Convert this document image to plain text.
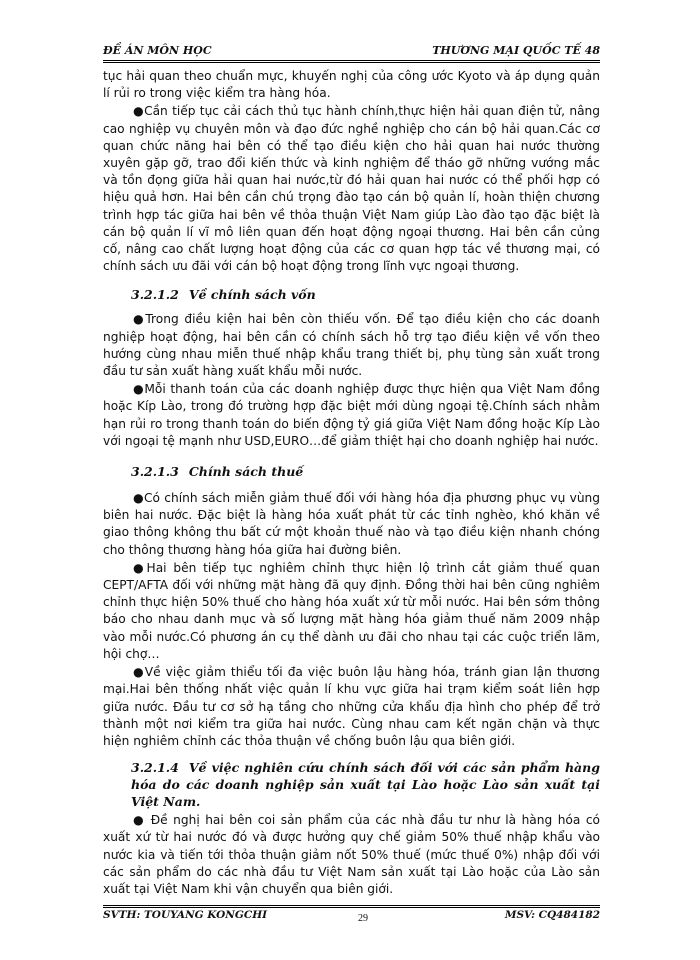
ĐỀ ÁN MÔN HỌC	THƯƠNG MẠI QUỐC TẾ 48

tục hải quan theo chuẩn mực, khuyến nghị của công ước Kyoto và áp dụng quản lí rủi ro trong việc kiểm tra hàng hóa.

●Cần tiếp tục cải cách thủ tục hành chính,thực hiện hải quan điện tử, nâng cao nghiệp vụ chuyên môn và đạo đức nghề nghiệp cho cán bộ hải quan.Các cơ quan chức năng hai bên có thể tạo điều kiện cho hải quan hai nước thường xuyên gặp gỡ, trao đổi kiến thức và kinh nghiệm để tháo gỡ những vướng mắc và tồn đọng giữa hải quan hai nước,từ đó hải quan hai nước có thể phối hợp có hiệu quả hơn. Hai bên cần chú trọng đào tạo cán bộ quản lí, hoàn thiện chương trình hợp tác giữa hai bên về thỏa thuận Việt Nam giúp Lào đào tạo đặc biệt là cán bộ quản lí vĩ mô liên quan đến hoạt động ngoại thương. Hai bên cần củng cố, nâng cao chất lượng hoạt động của các cơ quan hợp tác về thương mại, có chính sách ưu đãi với cán bộ hoạt động trong lĩnh vực ngoại thương.

3.2.1.2 Về chính sách vốn

●Trong điều kiện hai bên còn thiếu vốn. Để tạo điều kiện cho các doanh nghiệp hoạt động, hai bên cần có chính sách hỗ trợ tạo điều kiện về vốn theo hướng cùng nhau miễn thuế nhập khẩu trang thiết bị, phụ tùng sản xuất trong đầu tư sản xuất hàng xuất khẩu mỗi nước.

●Mỗi thanh toán của các doanh nghiệp được thực hiện qua Việt Nam đồng hoặc Kíp Lào, trong đó trường hợp đặc biệt mới dùng ngoại tệ.Chính sách nhằm hạn rủi ro trong thanh toán do biến động tỷ giá giữa Việt Nam đồng hoặc Kíp Lào với ngoại tệ mạnh như USD,EURO…để giảm thiệt hại cho doanh nghiệp hai nước.

3.2.1.3 Chính sách thuế

●Có chính sách miễn giảm thuế đối với hàng hóa địa phương phục vụ vùng biên hai nước. Đặc biệt là hàng hóa xuất phát từ các tỉnh nghèo, khó khăn về giao thông không thu bất cứ một khoản thuế nào và tạo điều kiện nhanh chóng cho thông thương hàng hóa giữa hai đường biên.

●Hai bên tiếp tục nghiêm chỉnh thực hiện lộ trình cắt giảm thuế quan CEPT/AFTA đối với những mặt hàng đã quy định. Đồng thời hai bên cũng nghiêm chỉnh thực hiện 50% thuế cho hàng hóa xuất xứ từ mỗi nước. Hai bên sớm thông báo cho nhau danh mục và số lượng mặt hàng hóa giảm thuế năm 2009 nhập vào mỗi nước.Có phương án cụ thể dành ưu đãi cho nhau tại các cuộc triển lãm, hội chợ…

●Về việc giảm thiểu tối đa việc buôn lậu hàng hóa, tránh gian lận thương mại.Hai bên thống nhất việc quản lí khu vực giữa hai trạm kiểm soát liên hợp giữa nước. Đầu tư cơ sở hạ tầng cho những cửa khẩu địa hình cho phép để trở thành một nơi kiểm tra giữa hai nước. Cùng nhau cam kết ngăn chặn và thực hiện nghiêm chỉnh các thỏa thuận về chống buôn lậu qua biên giới.

3.2.1.4 Về việc nghiên cứu chính sách đối với các sản phẩm hàng hóa do các doanh nghiệp sản xuất tại Lào hoặc Lào sản xuất tại Việt Nam.

● Đề nghị hai bên coi sản phẩm của các nhà đầu tư như là hàng hóa có xuất xứ từ hai nước đó và được hưởng quy chế giảm 50% thuế nhập khẩu vào nước kia và tiến tới thỏa thuận giảm nốt 50% thuế (mức thuế 0%) nhập đối với các sản phẩm do các nhà đầu tư Việt Nam sản xuất tại Lào hoặc của Lào sản xuất tại Việt Nam khi vận chuyển qua biên giới.

SVTH: TOUYANG KONGCHI	29	MSV: CQ484182
